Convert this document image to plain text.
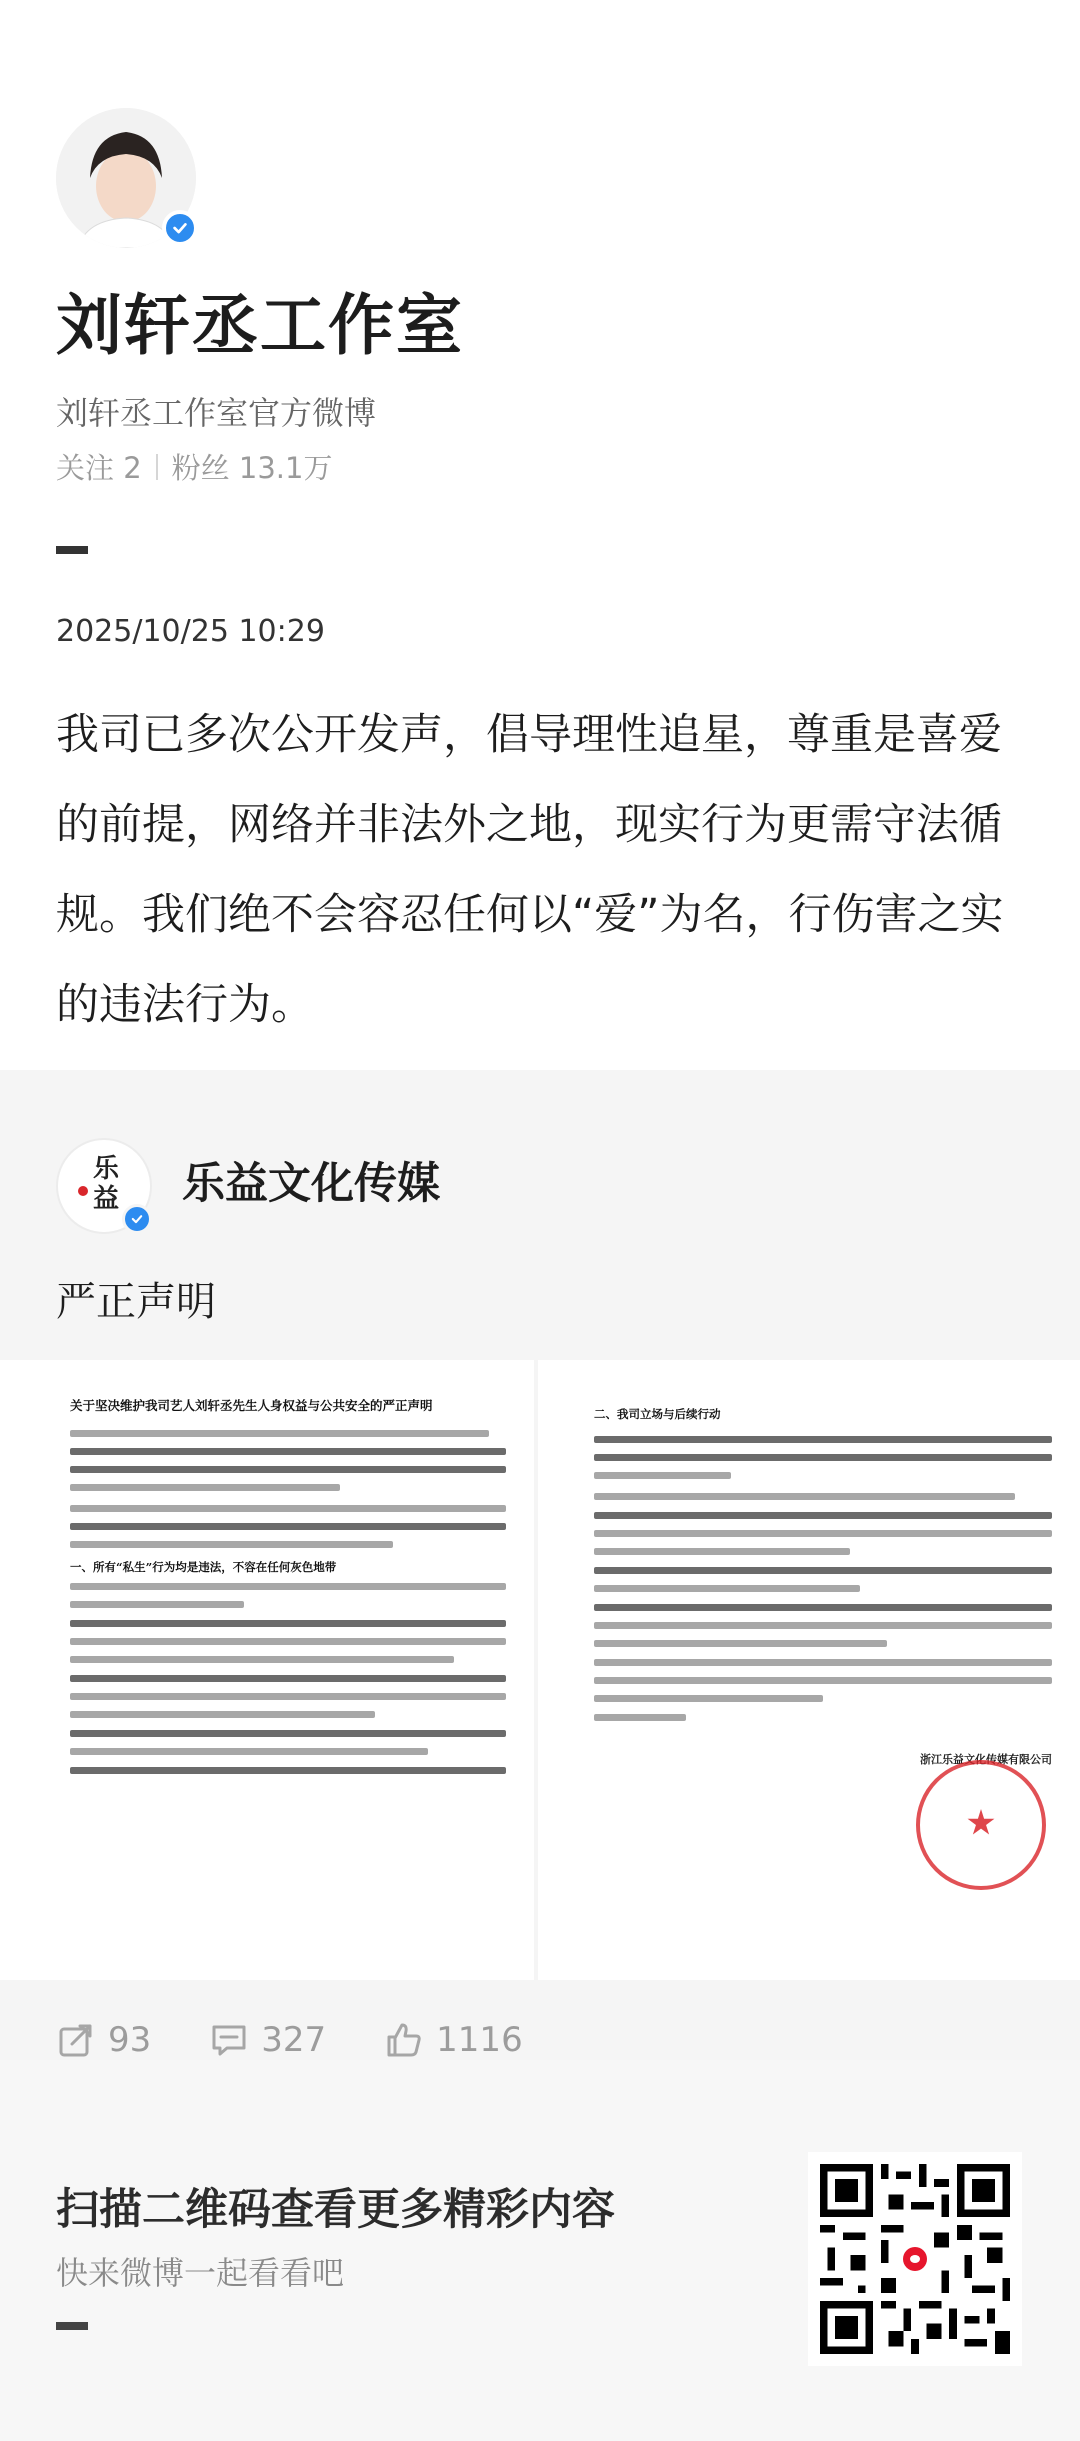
刘轩丞工作室
刘轩丞工作室官方微博
关注 2 粉丝 13.1万
2025/10/25 10:29
我司已多次公开发声，倡导理性追星，尊重是喜爱的前提，网络并非法外之地，现实行为更需守法循规。我们绝不会容忍任何以“爱”为名，行伤害之实的违法行为。
乐
益	乐益文化传媒
严正声明
关于坚决维护我司艺人刘轩丞先生人身权益与公共安全的严正声明
一、所有“私生”行为均是违法，不容在任何灰色地带
二、我司立场与后续行动
浙江乐益文化传媒有限公司
93	327	1116
扫描二维码查看更多精彩内容
快来微博一起看看吧
